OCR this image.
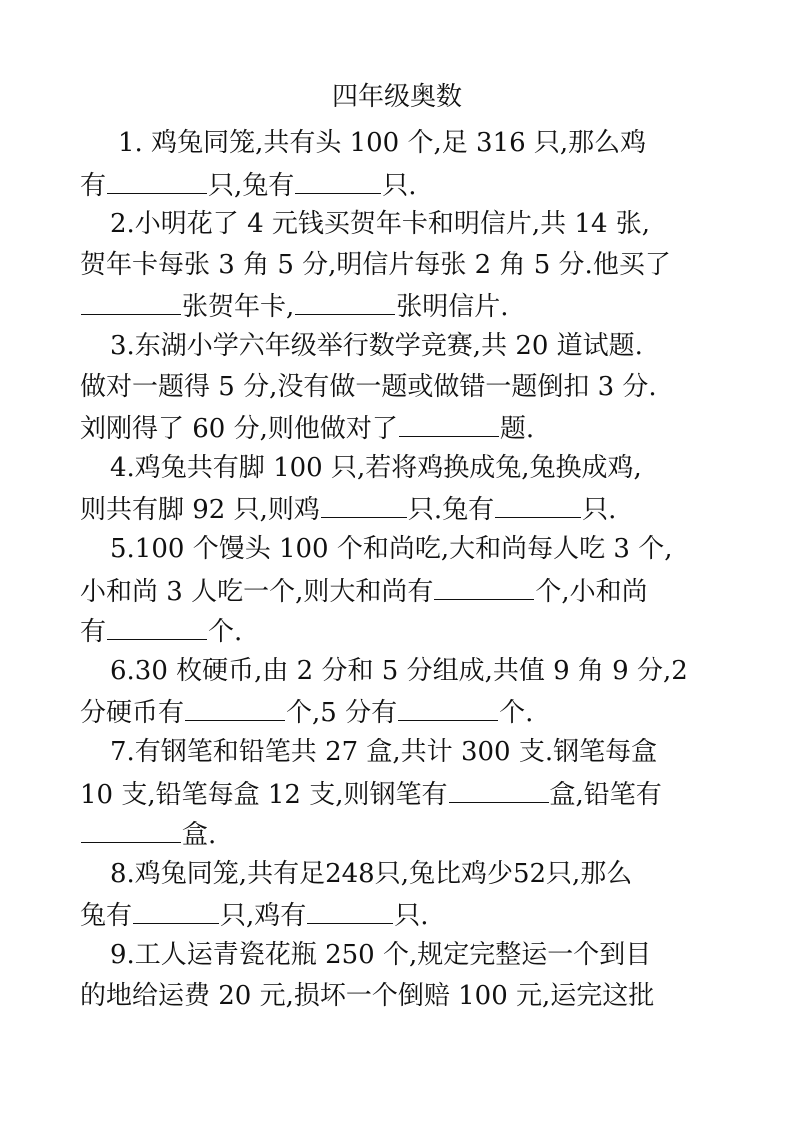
四年级奥数
1. 鸡兔同笼,共有头 100 个,足 316 只,那么鸡
有	只,兔有	只.
2.小明花了 4 元钱买贺年卡和明信片,共 14 张,
贺年卡每张 3 角 5 分,明信片每张 2 角 5 分.他买了
张贺年卡,	张明信片.
3.东湖小学六年级举行数学竞赛,共 20 道试题.
做对一题得 5 分,没有做一题或做错一题倒扣 3 分.
刘刚得了 60 分,则他做对了	题.
4.鸡兔共有脚 100 只,若将鸡换成兔,兔换成鸡,
则共有脚 92 只,则鸡	只.兔有	只.
5.100 个馒头 100 个和尚吃,大和尚每人吃 3 个,
小和尚 3 人吃一个,则大和尚有	个,小和尚
有	个.
6.30 枚硬币,由 2 分和 5 分组成,共值 9 角 9 分,2
分硬币有	个,5 分有	个.
7.有钢笔和铅笔共 27 盒,共计 300 支.钢笔每盒
10 支,铅笔每盒 12 支,则钢笔有	盒,铅笔有
盒.
8.鸡兔同笼,共有足248只,兔比鸡少52只,那么
兔有	只,鸡有	只.
9.工人运青瓷花瓶 250 个,规定完整运一个到目
的地给运费 20 元,损坏一个倒赔 100 元,运完这批
